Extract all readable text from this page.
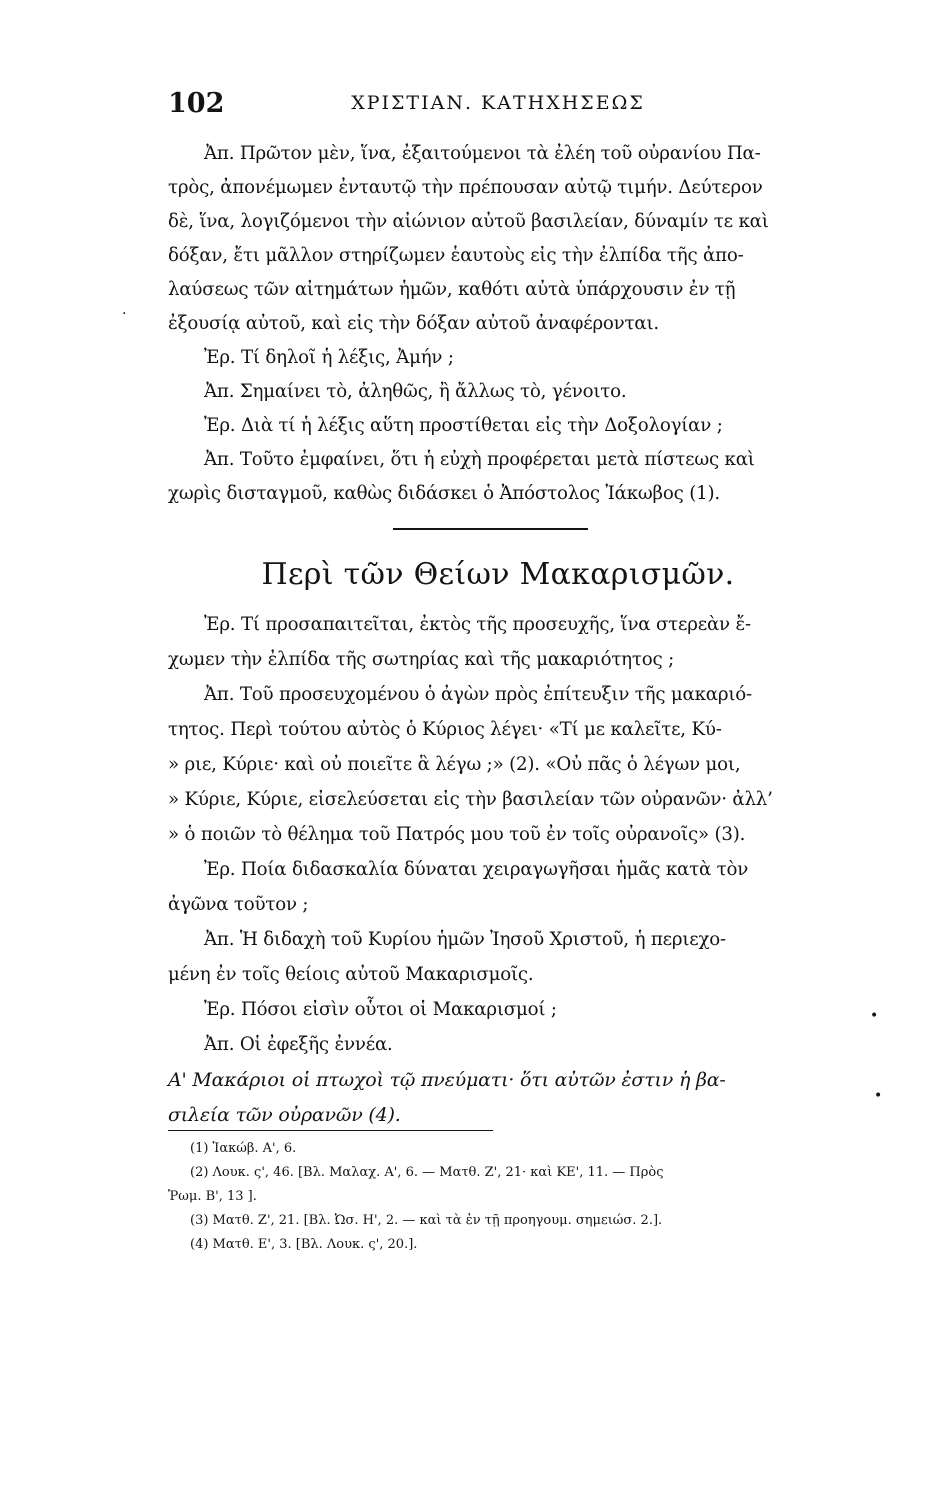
102	ΧΡΙΣΤΙΑΝ. ΚΑΤΗΧΗΣΕΩΣ
Ἀπ. Πρῶτον μὲν, ἵνα, ἐξαιτούμενοι τὰ ἐλέη τοῦ οὐρανίου Πα-
τρὸς, ἀπονέμωμεν ἐνταυτῷ τὴν πρέπουσαν αὐτῷ τιμήν. Δεύτερον
δὲ, ἵνα, λογιζόμενοι τὴν αἰώνιον αὐτοῦ βασιλείαν, δύναμίν τε καὶ
δόξαν, ἔτι μᾶλλον στηρίζωμεν ἑαυτοὺς εἰς τὴν ἐλπίδα τῆς ἀπο-
λαύσεως τῶν αἰτημάτων ἡμῶν, καθότι αὐτὰ ὑπάρχουσιν ἐν τῇ
ἐξουσίᾳ αὐτοῦ, καὶ εἰς τὴν δόξαν αὐτοῦ ἀναφέρονται.
Ἐρ. Τί δηλοῖ ἡ λέξις, Ἀμήν ;
Ἀπ. Σημαίνει τὸ, ἀληθῶς, ἢ ἄλλως τὸ, γένοιτο.
Ἐρ. Διὰ τί ἡ λέξις αὕτη προστίθεται εἰς τὴν Δοξολογίαν ;
Ἀπ. Τοῦτο ἐμφαίνει, ὅτι ἡ εὐχὴ προφέρεται μετὰ πίστεως καὶ
χωρὶς δισταγμοῦ, καθὼς διδάσκει ὁ Ἀπόστολος Ἰάκωβος (1).
Περὶ τῶν Θείων Μακαρισμῶν.
Ἐρ. Τί προσαπαιτεῖται, ἐκτὸς τῆς προσευχῆς, ἵνα στερεὰν ἔ-
χωμεν τὴν ἐλπίδα τῆς σωτηρίας καὶ τῆς μακαριότητος ;
Ἀπ. Τοῦ προσευχομένου ὁ ἀγὼν πρὸς ἐπίτευξιν τῆς μακαριό-
τητος. Περὶ τούτου αὐτὸς ὁ Κύριος λέγει· «Τί με καλεῖτε, Κύ-
» ριε, Κύριε· καὶ οὐ ποιεῖτε ἃ λέγω ;» (2). «Οὐ πᾶς ὁ λέγων μοι,
» Κύριε, Κύριε, εἰσελεύσεται εἰς τὴν βασιλείαν τῶν οὐρανῶν· ἀλλ’
» ὁ ποιῶν τὸ θέλημα τοῦ Πατρός μου τοῦ ἐν τοῖς οὐρανοῖς» (3).
Ἐρ. Ποία διδασκαλία δύναται χειραγωγῆσαι ἡμᾶς κατὰ τὸν
ἀγῶνα τοῦτον ;
Ἀπ. Ἡ διδαχὴ τοῦ Κυρίου ἡμῶν Ἰησοῦ Χριστοῦ, ἡ περιεχο-
μένη ἐν τοῖς θείοις αὐτοῦ Μακαρισμοῖς.
Ἐρ. Πόσοι εἰσὶν οὗτοι οἱ Μακαρισμοί ;
Ἀπ. Οἱ ἐφεξῆς ἐννέα.
Α' Μακάριοι οἱ πτωχοὶ τῷ πνεύματι· ὅτι αὐτῶν ἐστιν ἡ βα-
σιλεία τῶν οὐρανῶν (4).
(1) Ἰακώβ. Α', 6.
(2) Λουκ. ς', 46. [Βλ. Μαλαχ. Α', 6. — Ματθ. Ζ', 21· καὶ ΚΕ', 11. — Πρὸς
Ῥωμ. Β', 13 ].
(3) Ματθ. Ζ', 21. [Βλ. Ὠσ. Η', 2. — καὶ τὰ ἐν τῇ προηγουμ. σημειώσ. 2.].
(4) Ματθ. Ε', 3. [Βλ. Λουκ. ς', 20.].
·
•
•
